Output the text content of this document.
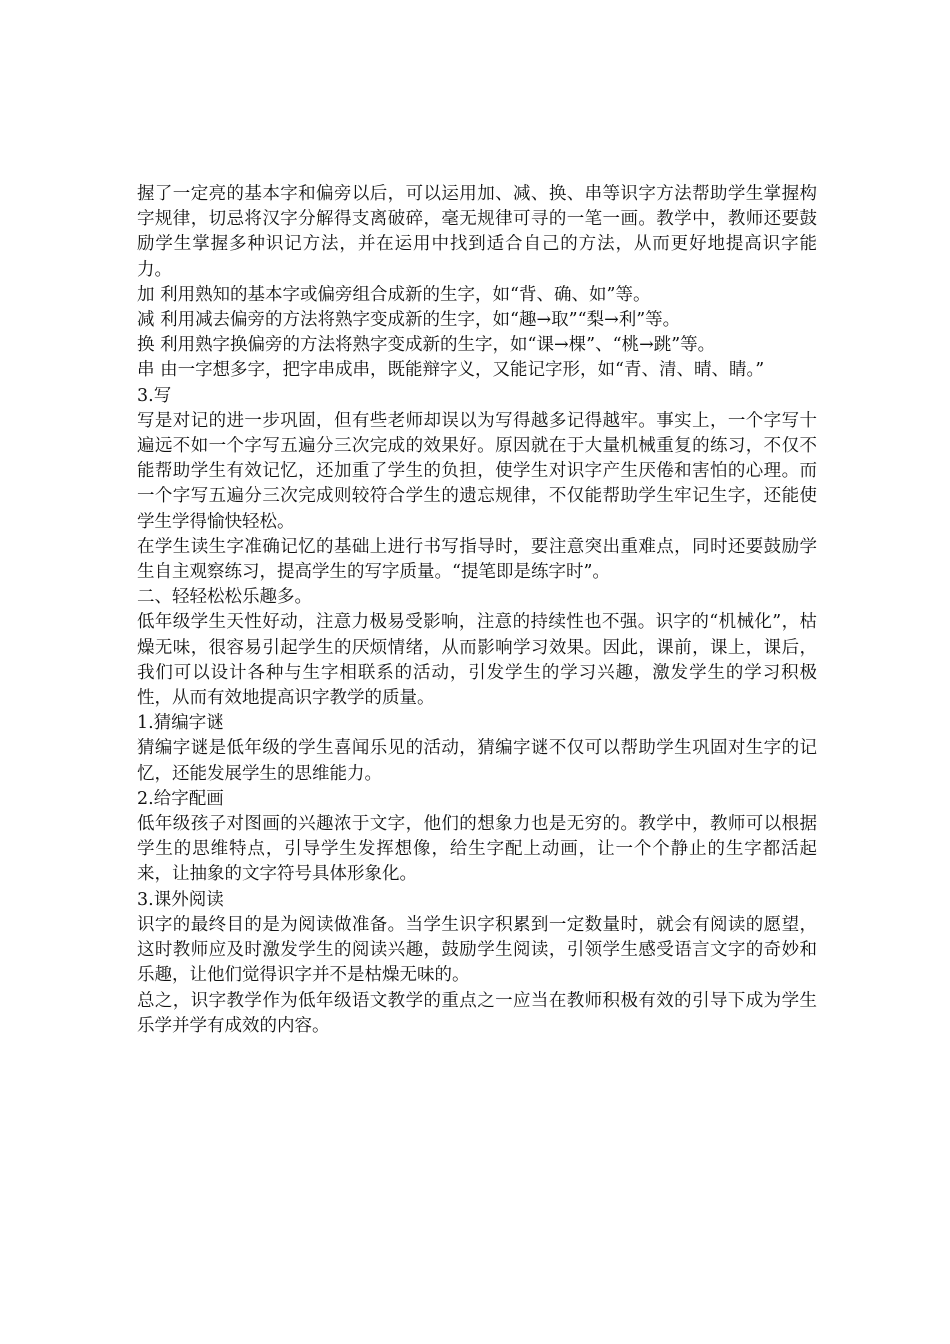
握了一定亮的基本字和偏旁以后，可以运用加、减、换、串等识字方法帮助学生掌握构字规律，切忌将汉字分解得支离破碎，毫无规律可寻的一笔一画。教学中，教师还要鼓励学生掌握多种识记方法，并在运用中找到适合自己的方法，从而更好地提高识字能力。

加 利用熟知的基本字或偏旁组合成新的生字，如“背、确、如”等。

减 利用减去偏旁的方法将熟字变成新的生字，如“趣→取”“梨→利”等。

换 利用熟字换偏旁的方法将熟字变成新的生字，如“课→棵”、“桃→跳”等。

串 由一字想多字，把字串成串，既能辩字义，又能记字形，如“青、清、晴、睛。”

3.写

写是对记的进一步巩固，但有些老师却误以为写得越多记得越牢。事实上，一个字写十遍远不如一个字写五遍分三次完成的效果好。原因就在于大量机械重复的练习，不仅不能帮助学生有效记忆，还加重了学生的负担，使学生对识字产生厌倦和害怕的心理。而一个字写五遍分三次完成则较符合学生的遗忘规律，不仅能帮助学生牢记生字，还能使学生学得愉快轻松。

在学生读生字准确记忆的基础上进行书写指导时，要注意突出重难点，同时还要鼓励学生自主观察练习，提高学生的写字质量。“提笔即是练字时”。

二、轻轻松松乐趣多。

低年级学生天性好动，注意力极易受影响，注意的持续性也不强。识字的“机械化”，枯燥无味，很容易引起学生的厌烦情绪，从而影响学习效果。因此，课前，课上，课后，我们可以设计各种与生字相联系的活动，引发学生的学习兴趣，激发学生的学习积极性，从而有效地提高识字教学的质量。

1.猜编字谜

猜编字谜是低年级的学生喜闻乐见的活动，猜编字谜不仅可以帮助学生巩固对生字的记忆，还能发展学生的思维能力。

2.给字配画

低年级孩子对图画的兴趣浓于文字，他们的想象力也是无穷的。教学中，教师可以根据学生的思维特点，引导学生发挥想像，给生字配上动画，让一个个静止的生字都活起来，让抽象的文字符号具体形象化。

3.课外阅读

识字的最终目的是为阅读做准备。当学生识字积累到一定数量时，就会有阅读的愿望，这时教师应及时激发学生的阅读兴趣，鼓励学生阅读，引领学生感受语言文字的奇妙和乐趣，让他们觉得识字并不是枯燥无味的。

总之，识字教学作为低年级语文教学的重点之一应当在教师积极有效的引导下成为学生乐学并学有成效的内容。
